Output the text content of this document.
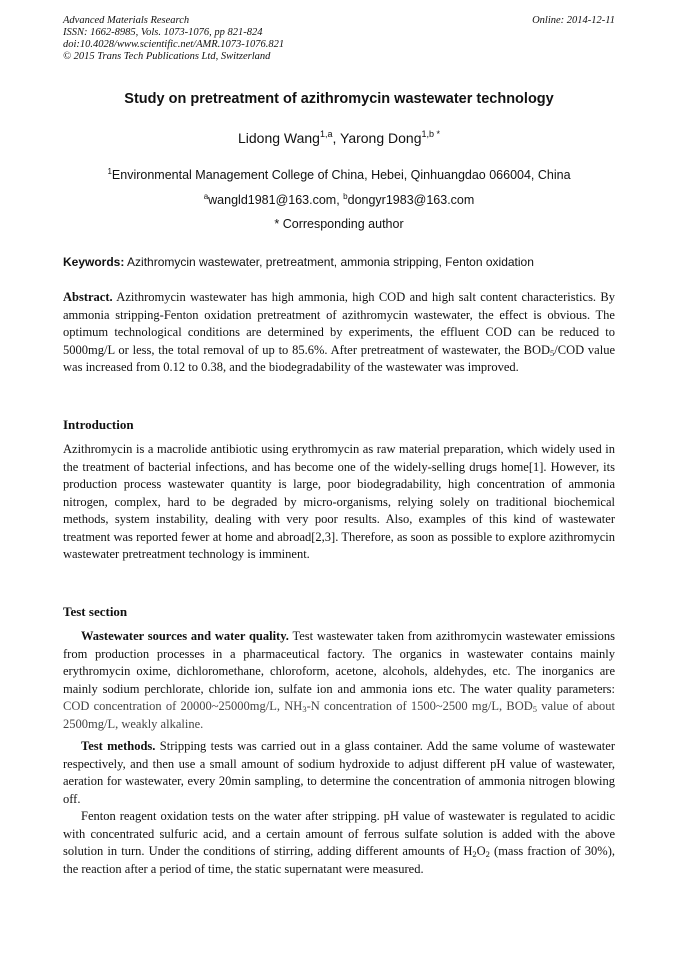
Advanced Materials Research
ISSN: 1662-8985, Vols. 1073-1076, pp 821-824
doi:10.4028/www.scientific.net/AMR.1073-1076.821
© 2015 Trans Tech Publications Ltd, Switzerland
Online: 2014-12-11
Study on pretreatment of azithromycin wastewater technology
Lidong Wang$^{1,a}$, Yarong Dong$^{1,b *}$
$^1$Environmental Management College of China, Hebei, Qinhuangdao 066004, China
$^a$wangld1981@163.com, $^b$dongyr1983@163.com
* Corresponding author
Keywords: Azithromycin wastewater, pretreatment, ammonia stripping, Fenton oxidation

Abstract. Azithromycin wastewater has high ammonia, high COD and high salt content characteristics. By ammonia stripping-Fenton oxidation pretreatment of azithromycin wastewater, the effect is obvious. The optimum technological conditions are determined by experiments, the effluent COD can be reduced to 5000mg/L or less, the total removal of up to 85.6%. After pretreatment of wastewater, the $BOD_5$/COD value was increased from 0.12 to 0.38, and the biodegradability of the wastewater was improved.

Introduction

Azithromycin is a macrolide antibiotic using erythromycin as raw material preparation, which widely used in the treatment of bacterial infections, and has become one of the widely-selling drugs home[1]. However, its production process wastewater quantity is large, poor biodegradability, high concentration of ammonia nitrogen, complex, hard to be degraded by micro-organisms, relying solely on traditional biochemical methods, system instability, dealing with very poor results. Also, examples of this kind of wastewater treatment was reported fewer at home and abroad[2,3]. Therefore, as soon as possible to explore azithromycin wastewater pretreatment technology is imminent.

Test section

Wastewater sources and water quality. Test wastewater taken from azithromycin wastewater emissions from production processes in a pharmaceutical factory. The organics in wastewater contains mainly erythromycin oxime, dichloromethane, chloroform, acetone, alcohols, aldehydes, etc. The inorganics are mainly sodium perchlorate, chloride ion, sulfate ion and ammonia ions etc. The water quality parameters: COD concentration of 20000~25000mg/L, $NH_3-N$ concentration of 1500~2500 mg/L, $BOD_5$ value of about 2500mg/L, weakly alkaline.

Test methods. Stripping tests was carried out in a glass container. Add the same volume of wastewater respectively, and then use a small amount of sodium hydroxide to adjust different pH value of wastewater, aeration for wastewater, every 20min sampling, to determine the concentration of ammonia nitrogen blowing off.

Fenton reagent oxidation tests on the water after stripping. pH value of wastewater is regulated to acidic with concentrated sulfuric acid, and a certain amount of ferrous sulfate solution is added with the above solution in turn. Under the conditions of stirring, adding different amounts of $H_2O_2$ (mass fraction of 30%), the reaction after a period of time, the static supernatant were measured.
